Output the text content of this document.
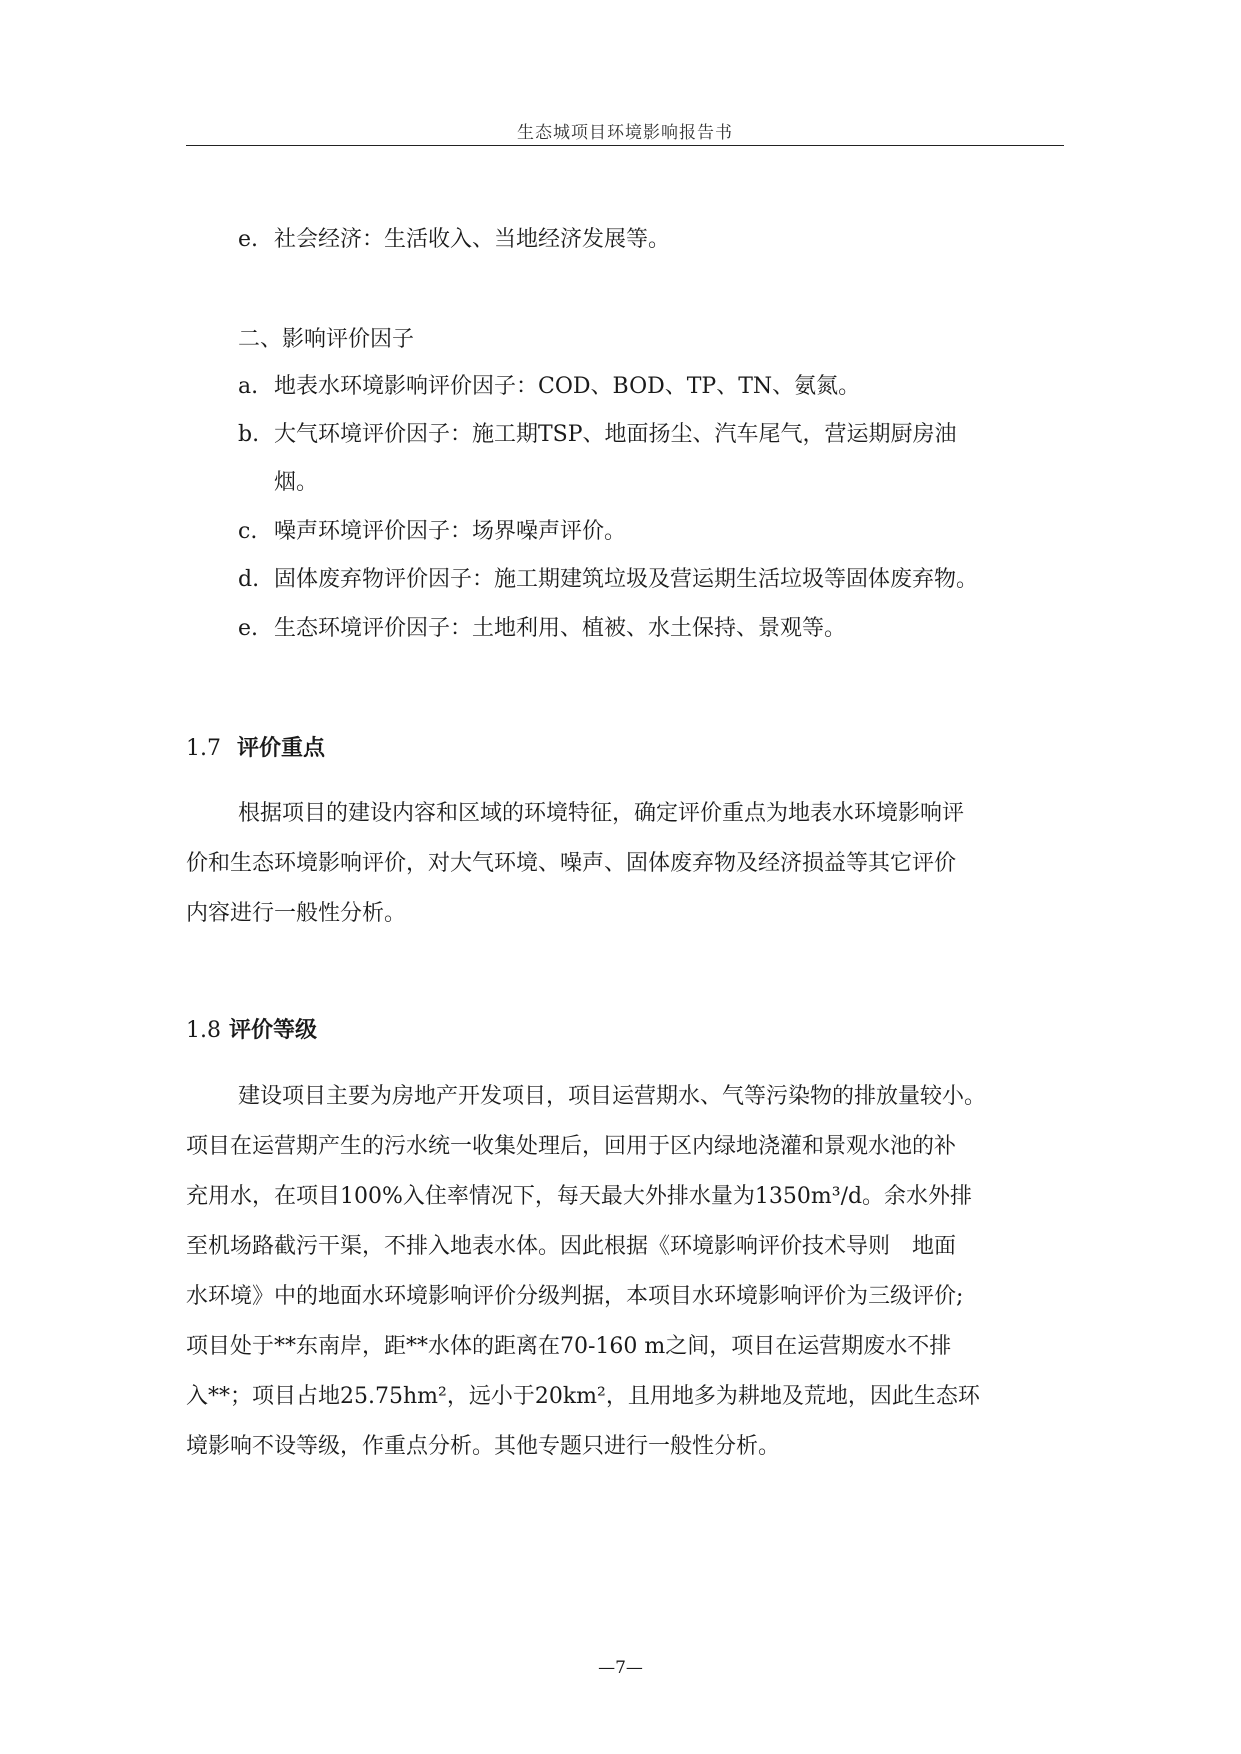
生态城项目环境影响报告书
e. 社会经济：生活收入、当地经济发展等。
二、影响评价因子
a. 地表水环境影响评价因子：COD、BOD、TP、TN、氨氮。
b. 大气环境评价因子：施工期TSP、地面扬尘、汽车尾气，营运期厨房油
烟。
c. 噪声环境评价因子：场界噪声评价。
d. 固体废弃物评价因子：施工期建筑垃圾及营运期生活垃圾等固体废弃物。
e. 生态环境评价因子：土地利用、植被、水土保持、景观等。
1.7 评价重点
根据项目的建设内容和区域的环境特征，确定评价重点为地表水环境影响评
价和生态环境影响评价，对大气环境、噪声、固体废弃物及经济损益等其它评价
内容进行一般性分析。
1.8 评价等级
建设项目主要为房地产开发项目，项目运营期水、气等污染物的排放量较小。
项目在运营期产生的污水统一收集处理后，回用于区内绿地浇灌和景观水池的补
充用水，在项目100%入住率情况下，每天最大外排水量为1350m³/d。余水外排
至机场路截污干渠，不排入地表水体。因此根据《环境影响评价技术导则　地面
水环境》中的地面水环境影响评价分级判据，本项目水环境影响评价为三级评价;
项目处于**东南岸，距**水体的距离在70-160 m之间，项目在运营期废水不排
入**；项目占地25.75hm²，远小于20km²，且用地多为耕地及荒地，因此生态环
境影响不设等级，作重点分析。其他专题只进行一般性分析。
—7—
